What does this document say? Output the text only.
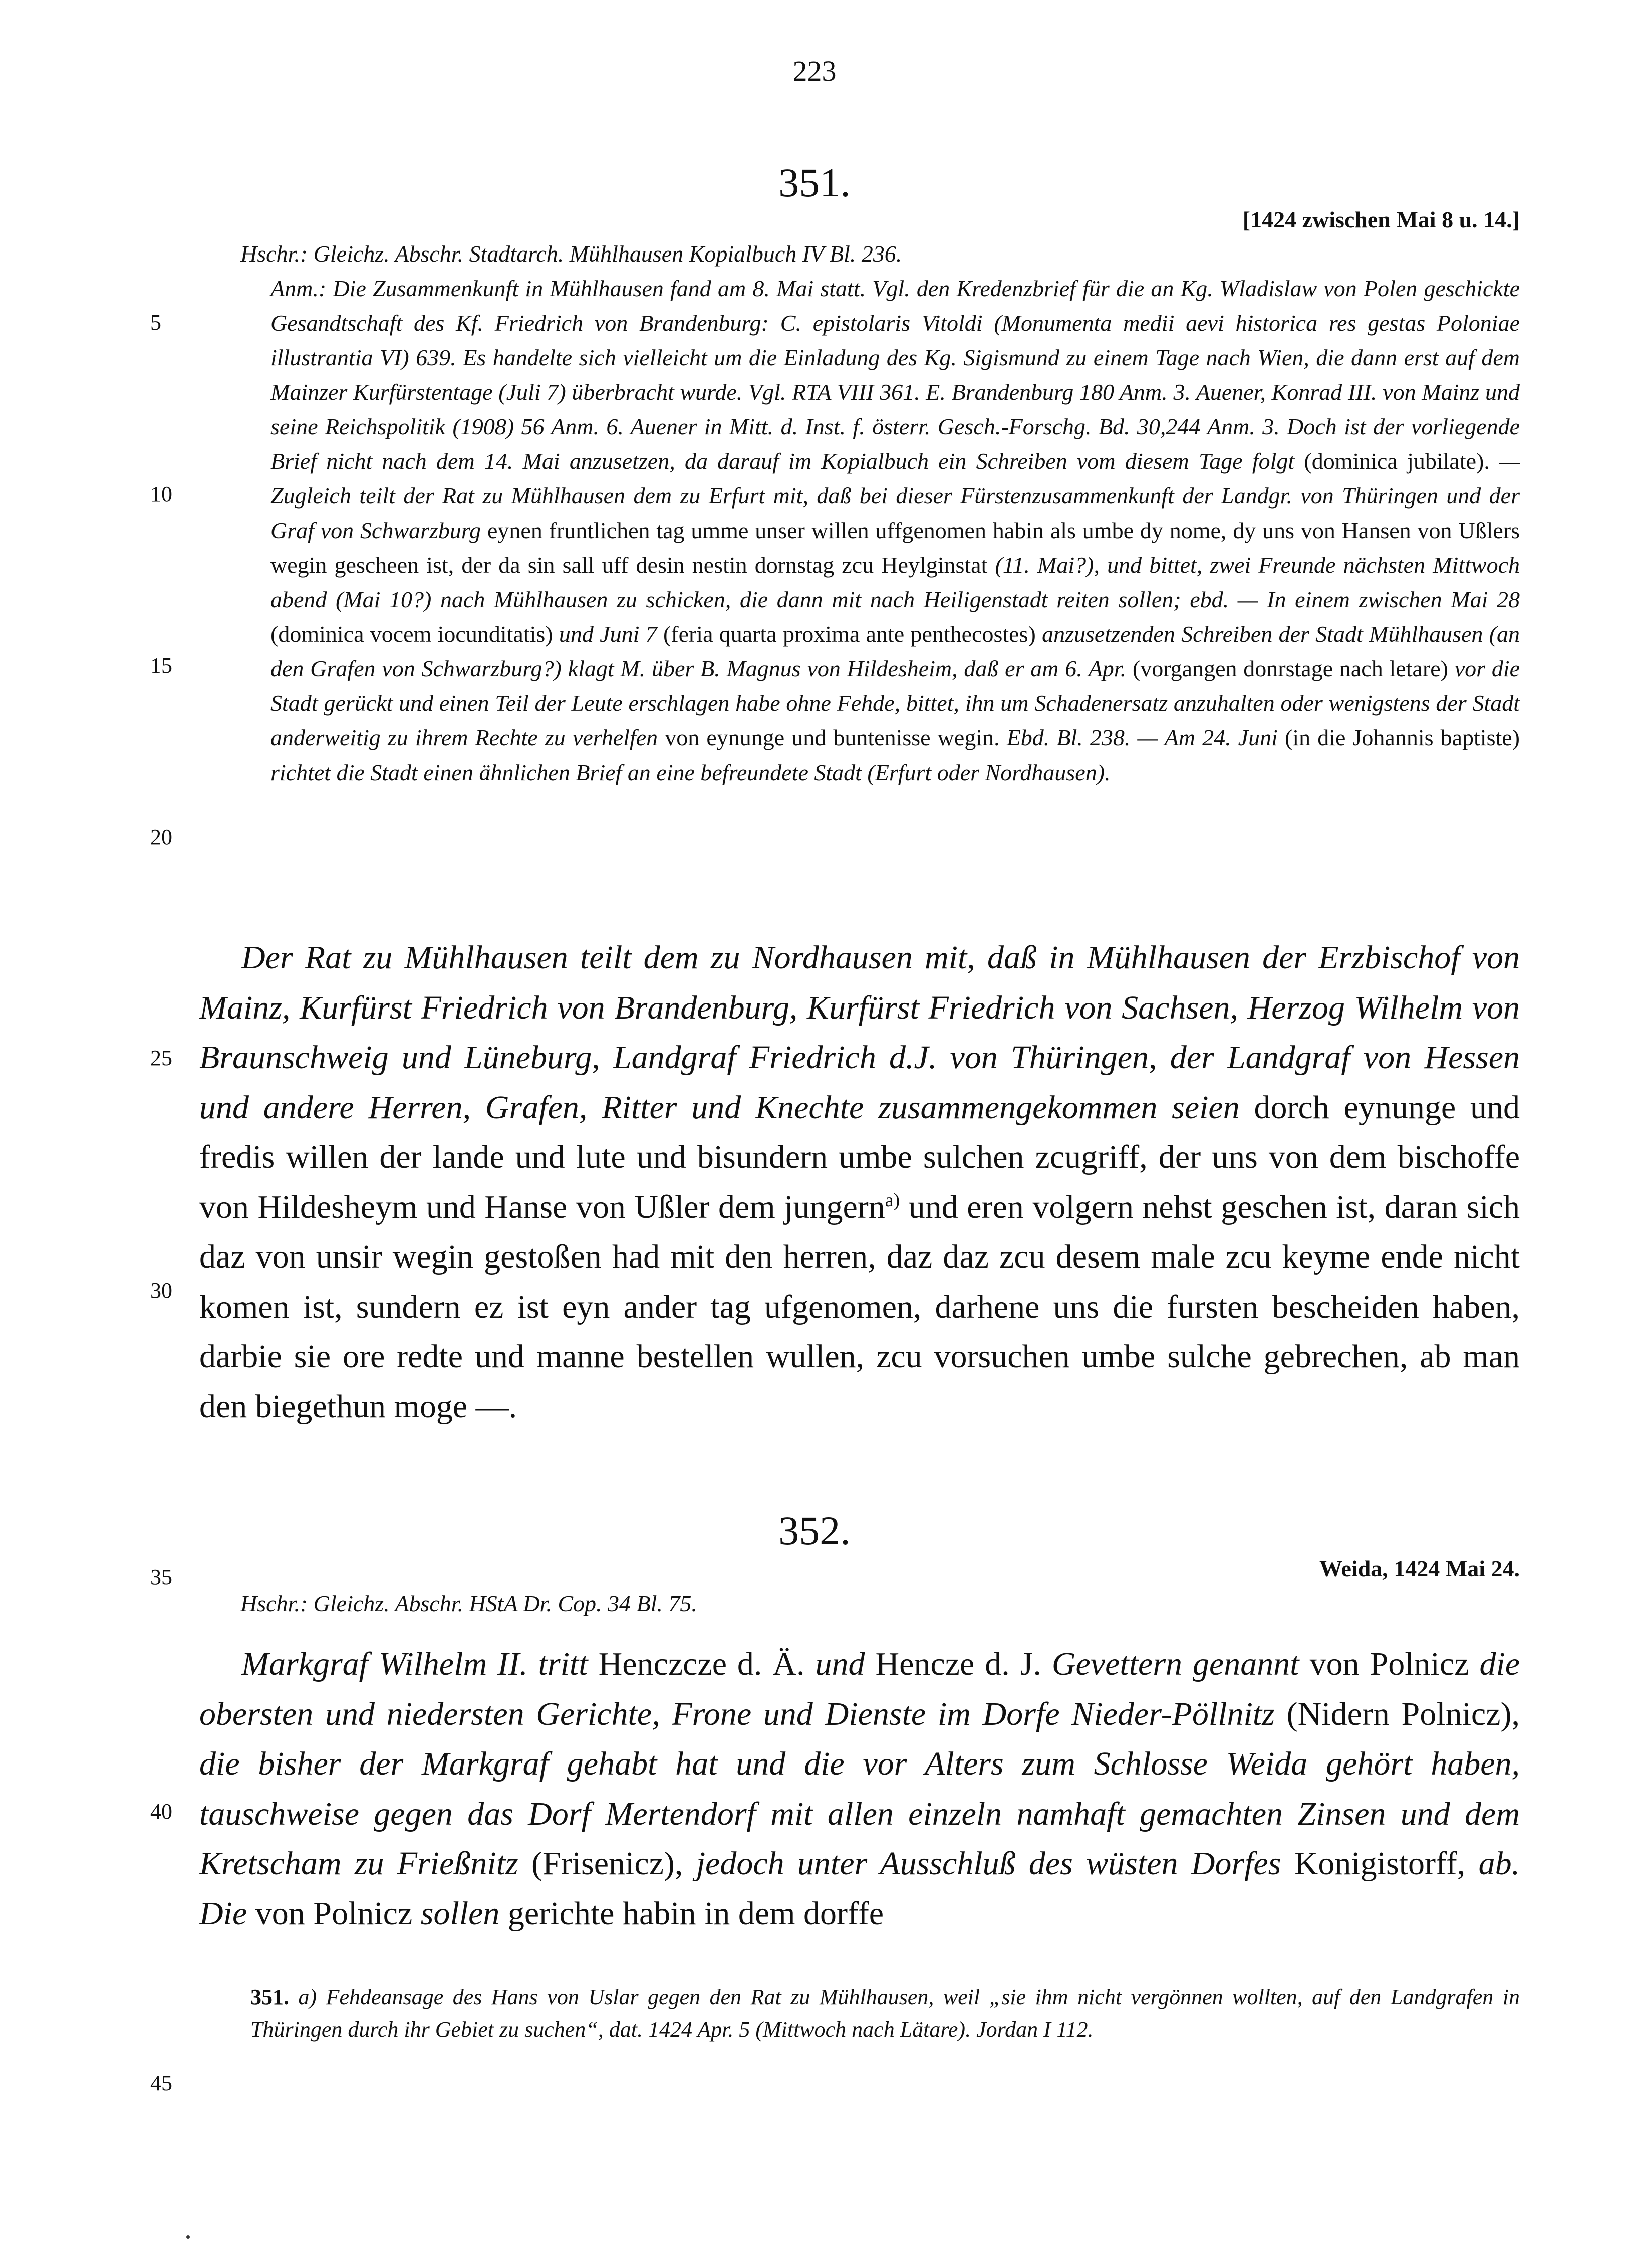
223
351.
[1424 zwischen Mai 8 u. 14.]

Hschr.: Gleichz. Abschr. Stadtarch. Mühlhausen Kopialbuch IV Bl. 236.

Anm.: Die Zusammenkunft in Mühlhausen fand am 8. Mai statt. Vgl. den Kredenzbrief für die an Kg. Wladislaw von Polen geschickte Gesandtschaft des Kf. Friedrich von Brandenburg: C. epistolaris Vitoldi (Monumenta medii aevi historica res gestas Poloniae illustrantia VI) 639. Es handelte sich vielleicht um die Einladung des Kg. Sigismund zu einem Tage nach Wien, die dann erst auf dem Mainzer Kurfürstentage (Juli 7) überbracht wurde. Vgl. RTA VIII 361. E. Brandenburg 180 Anm. 3. Auener, Konrad III. von Mainz und seine Reichspolitik (1908) 56 Anm. 6. Auener in Mitt. d. Inst. f. österr. Gesch.-Forschg. Bd. 30,244 Anm. 3. Doch ist der vorliegende Brief nicht nach dem 14. Mai anzusetzen, da darauf im Kopialbuch ein Schreiben vom diesem Tage folgt (dominica jubilate). — Zugleich teilt der Rat zu Mühlhausen dem zu Erfurt mit, daß bei dieser Fürstenzusammenkunft der Landgr. von Thüringen und der Graf von Schwarzburg eynen fruntlichen tag umme unser willen uffgenomen habin als umbe dy nome, dy uns von Hansen von Ußlers wegin gescheen ist, der da sin sall uff desin nestin dornstag zcu Heylginstat (11. Mai?), und bittet, zwei Freunde nächsten Mittwoch abend (Mai 10?) nach Mühlhausen zu schicken, die dann mit nach Heiligenstadt reiten sollen; ebd. — In einem zwischen Mai 28 (dominica vocem iocunditatis) und Juni 7 (feria quarta proxima ante penthecostes) anzusetzenden Schreiben der Stadt Mühlhausen (an den Grafen von Schwarzburg?) klagt M. über B. Magnus von Hildesheim, daß er am 6. Apr. (vorgangen donrstage nach letare) vor die Stadt gerückt und einen Teil der Leute erschlagen habe ohne Fehde, bittet, ihn um Schadenersatz anzuhalten oder wenigstens der Stadt anderweitig zu ihrem Rechte zu verhelfen von eynunge und buntenisse wegin. Ebd. Bl. 238. — Am 24. Juni (in die Johannis baptiste) richtet die Stadt einen ähnlichen Brief an eine befreundete Stadt (Erfurt oder Nordhausen).

Der Rat zu Mühlhausen teilt dem zu Nordhausen mit, daß in Mühlhausen der Erzbischof von Mainz, Kurfürst Friedrich von Brandenburg, Kurfürst Friedrich von Sachsen, Herzog Wilhelm von Braunschweig und Lüneburg, Landgraf Friedrich d.J. von Thüringen, der Landgraf von Hessen und andere Herren, Grafen, Ritter und Knechte zusammengekommen seien dorch eynunge und fredis willen der lande und lute und bisundern umbe sulchen zcugriff, der uns von dem bischoffe von Hildesheym und Hanse von Ußler dem jungern$^{a)}$ und eren volgern nehst geschen ist, daran sich daz von unsir wegin gestoßen had mit den herren, daz daz zcu desem male zcu keyme ende nicht komen ist, sundern ez ist eyn ander tag ufgenomen, darhene uns die fursten bescheiden haben, darbie sie ore redte und manne bestellen wullen, zcu vorsuchen umbe sulche gebrechen, ab man den biegethun moge —.

352.
Weida, 1424 Mai 24.

Hschr.: Gleichz. Abschr. HStA Dr. Cop. 34 Bl. 75.

Markgraf Wilhelm II. tritt Henczcze d. Ä. und Hencze d. J. Gevettern genannt von Polnicz die obersten und niedersten Gerichte, Frone und Dienste im Dorfe Nieder-Pöllnitz (Nidern Polnicz), die bisher der Markgraf gehabt hat und die vor Alters zum Schlosse Weida gehört haben, tauschweise gegen das Dorf Mertendorf mit allen einzeln namhaft gemachten Zinsen und dem Kretscham zu Frießnitz (Frisenicz), jedoch unter Ausschluß des wüsten Dorfes Konigistorff, ab. Die von Polnicz sollen gerichte habin in dem dorffe

351. a) Fehdeansage des Hans von Uslar gegen den Rat zu Mühlhausen, weil „sie ihm nicht vergönnen wollten, auf den Landgrafen in Thüringen durch ihr Gebiet zu suchen“, dat. 1424 Apr. 5 (Mittwoch nach Lätare). Jordan I 112.
5
10
15
20
25
30
35
40
45
